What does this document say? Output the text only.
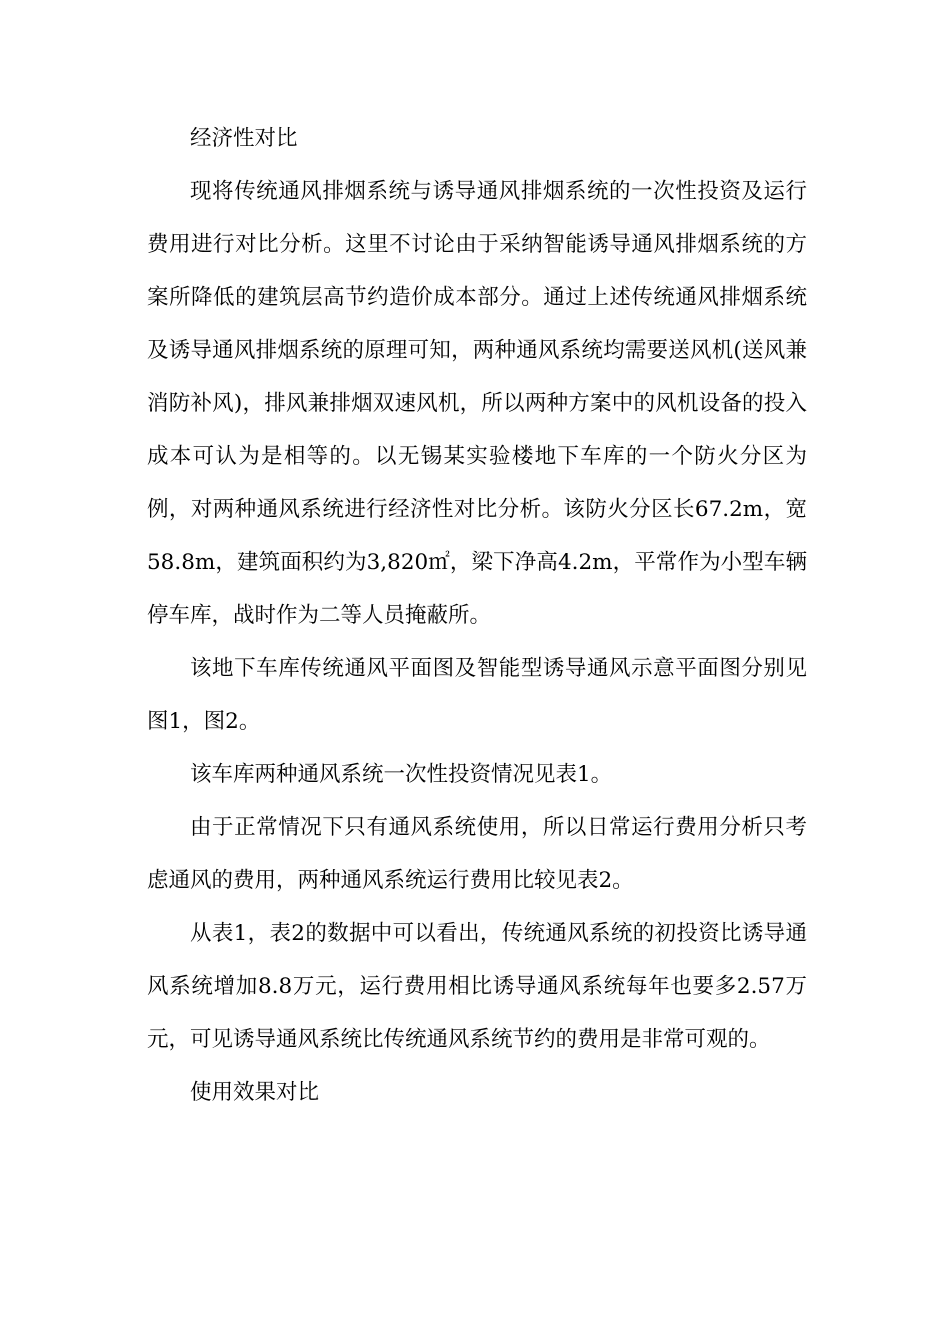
经济性对比

现将传统通风排烟系统与诱导通风排烟系统的一次性投资及运行费用进行对比分析。这里不讨论由于采纳智能诱导通风排烟系统的方案所降低的建筑层高节约造价成本部分。通过上述传统通风排烟系统及诱导通风排烟系统的原理可知，两种通风系统均需要送风机(送风兼消防补风)，排风兼排烟双速风机，所以两种方案中的风机设备的投入成本可认为是相等的。以无锡某实验楼地下车库的一个防火分区为例，对两种通风系统进行经济性对比分析。该防火分区长67.2m，宽58.8m，建筑面积约为3,820㎡，梁下净高4.2m，平常作为小型车辆停车库，战时作为二等人员掩蔽所。

该地下车库传统通风平面图及智能型诱导通风示意平面图分别见图1，图2。

该车库两种通风系统一次性投资情况见表1。

由于正常情况下只有通风系统使用，所以日常运行费用分析只考虑通风的费用，两种通风系统运行费用比较见表2。

从表1，表2的数据中可以看出，传统通风系统的初投资比诱导通风系统增加8.8万元，运行费用相比诱导通风系统每年也要多2.57万元，可见诱导通风系统比传统通风系统节约的费用是非常可观的。

使用效果对比
